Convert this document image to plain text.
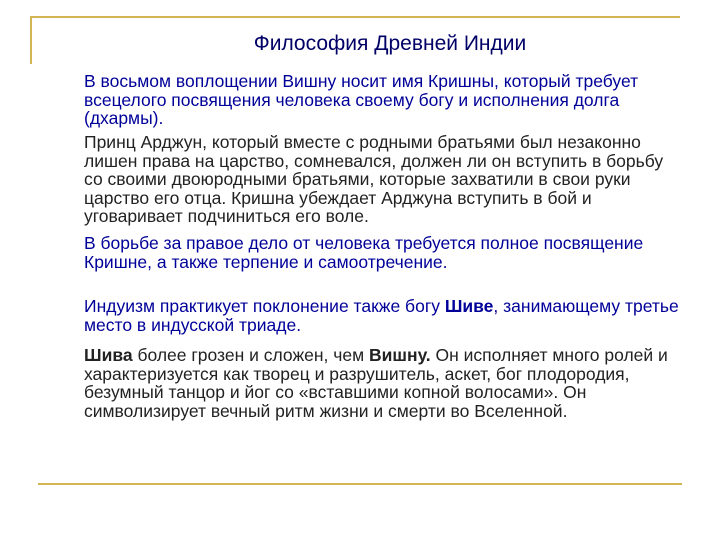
Философия Древней Индии

В восьмом воплощении Вишну носит имя Кришны, который требует всецелого посвящения человека своему богу и исполнения долга (дхармы).

Принц Арджун, который вместе с родными братьями был незаконно лишен права на царство, сомневался, должен ли он вступить в борьбу со своими двоюродными братьями, которые захватили в свои руки царство его отца. Кришна убеждает Арджуна вступить в бой и уговаривает подчиниться его воле.

В борьбе за правое дело от человека требуется полное посвящение Кришне, а также терпение и самоотречение.

Индуизм практикует поклонение также богу Шиве, занимающему третье место в индусской триаде.

Шива более грозен и сложен, чем Вишну. Он исполняет много ролей и характеризуется как творец и разрушитель, аскет, бог плодородия, безумный танцор и йог со «вставшими копной волосами». Он символизирует вечный ритм жизни и смерти во Вселенной.
